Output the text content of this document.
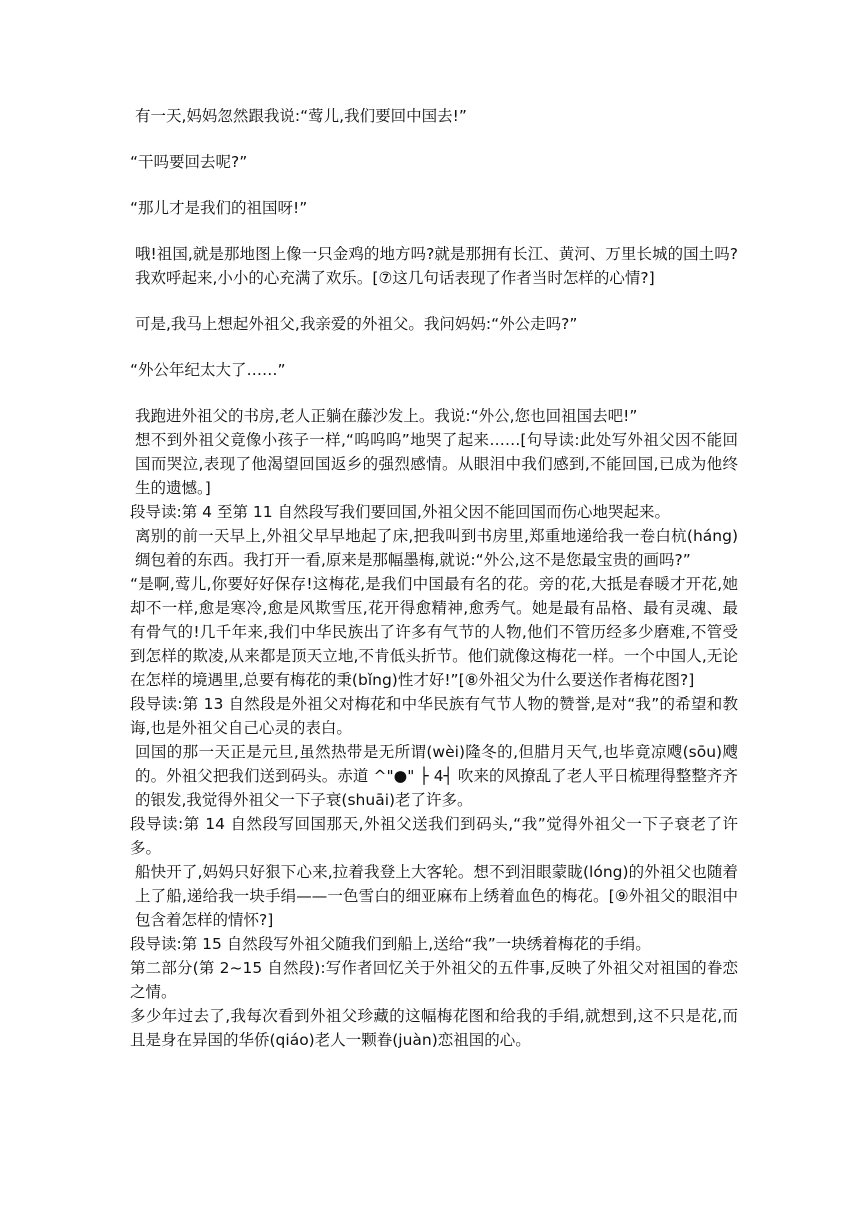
有一天,妈妈忽然跟我说:“莺儿,我们要回中国去!”

“干吗要回去呢?”

“那儿才是我们的祖国呀!”

哦!祖国,就是那地图上像一只金鸡的地方吗?就是那拥有长江、黄河、万里长城的国土吗?我欢呼起来,小小的心充满了欢乐。[⑦这几句话表现了作者当时怎样的心情?]

可是,我马上想起外祖父,我亲爱的外祖父。我问妈妈:“外公走吗?”

“外公年纪太大了……”

我跑进外祖父的书房,老人正躺在藤沙发上。我说:“外公,您也回祖国去吧!”

想不到外祖父竟像小孩子一样,“呜呜呜”地哭了起来……[句导读:此处写外祖父因不能回国而哭泣,表现了他渴望回国返乡的强烈感情。从眼泪中我们感到,不能回国,已成为他终生的遗憾。]

段导读:第 4 至第 11 自然段写我们要回国,外祖父因不能回国而伤心地哭起来。

离别的前一天早上,外祖父早早地起了床,把我叫到书房里,郑重地递给我一卷白杭(háng)绸包着的东西。我打开一看,原来是那幅墨梅,就说:“外公,这不是您最宝贵的画吗?”

“是啊,莺儿,你要好好保存!这梅花,是我们中国最有名的花。旁的花,大抵是春暖才开花,她却不一样,愈是寒冷,愈是风欺雪压,花开得愈精神,愈秀气。她是最有品格、最有灵魂、最有骨气的!几千年来,我们中华民族出了许多有气节的人物,他们不管历经多少磨难,不管受到怎样的欺凌,从来都是顶天立地,不肯低头折节。他们就像这梅花一样。一个中国人,无论在怎样的境遇里,总要有梅花的秉(bǐng)性才好!”[⑧外祖父为什么要送作者梅花图?]

段导读:第 13 自然段是外祖父对梅花和中华民族有气节人物的赞誉,是对“我”的希望和教诲,也是外祖父自己心灵的表白。

回国的那一天正是元旦,虽然热带是无所谓(wèi)隆冬的,但腊月天气,也毕竟凉飕(sōu)飕的。外祖父把我们送到码头。赤道 ^"●" ├ 4┤ 吹来的风撩乱了老人平日梳理得整整齐齐的银发,我觉得外祖父一下子衰(shuāi)老了许多。

段导读:第 14 自然段写回国那天,外祖父送我们到码头,“我”觉得外祖父一下子衰老了许多。

船快开了,妈妈只好狠下心来,拉着我登上大客轮。想不到泪眼蒙眬(lóng)的外祖父也随着上了船,递给我一块手绢——一色雪白的细亚麻布上绣着血色的梅花。[⑨外祖父的眼泪中包含着怎样的情怀?]

段导读:第 15 自然段写外祖父随我们到船上,送给“我”一块绣着梅花的手绢。

第二部分(第 2~15 自然段):写作者回忆关于外祖父的五件事,反映了外祖父对祖国的眷恋之情。

多少年过去了,我每次看到外祖父珍藏的这幅梅花图和给我的手绢,就想到,这不只是花,而且是身在异国的华侨(qiáo)老人一颗眷(juàn)恋祖国的心。
